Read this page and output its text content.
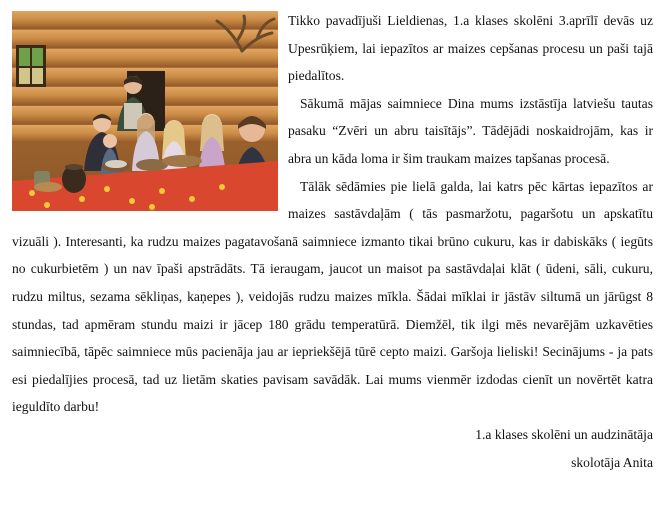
Tikko pavadījuši Lieldienas, 1.a klases skolēni 3.aprīlī devās uz Upesrūķiem, lai iepazītos ar maizes cepšanas procesu un paši tajā piedalītos.

Sākumā mājas saimniece Dina mums izstāstīja latviešu tautas pasaku “Zvēri un abru taisītājs”. Tādējādi noskaidrojām, kas ir abra un kāda loma ir šim traukam maizes tapšanas procesā.

Tālāk sēdāmies pie lielā galda, lai katrs pēc kārtas iepazītos ar maizes sastāvdaļām ( tās pasmaržotu, pagaršotu un apskatītu vizuāli ). Interesanti, ka rudzu maizes pagatavošanā saimniece izmanto tikai brūno cukuru, kas ir dabiskāks ( iegūts no cukurbietēm ) un nav īpaši apstrādāts. Tā ieraugam, jaucot un maisot pa sastāvdaļai klāt ( ūdeni, sāli, cukuru, rudzu miltus, sezama sēkliņas, kaņepes ), veidojās rudzu maizes mīkla. Šādai mīklai ir jāstāv siltumā un jārūgst 8 stundas, tad apmēram stundu maizi ir jācep 180 grādu temperatūrā. Diemžēl, tik ilgi mēs nevarējām uzkavēties saimniecībā, tāpēc saimniece mūs pacienāja jau ar iepriekšējā tūrē cepto maizi. Garšoja lieliski! Secinājums - ja pats esi piedalījies procesā, tad uz lietām skaties pavisam savādāk. Lai mums vienmēr izdodas cienīt un novērtēt katra ieguldīto darbu!

1.a klases skolēni un audzinātāja

skolotāja Anita
